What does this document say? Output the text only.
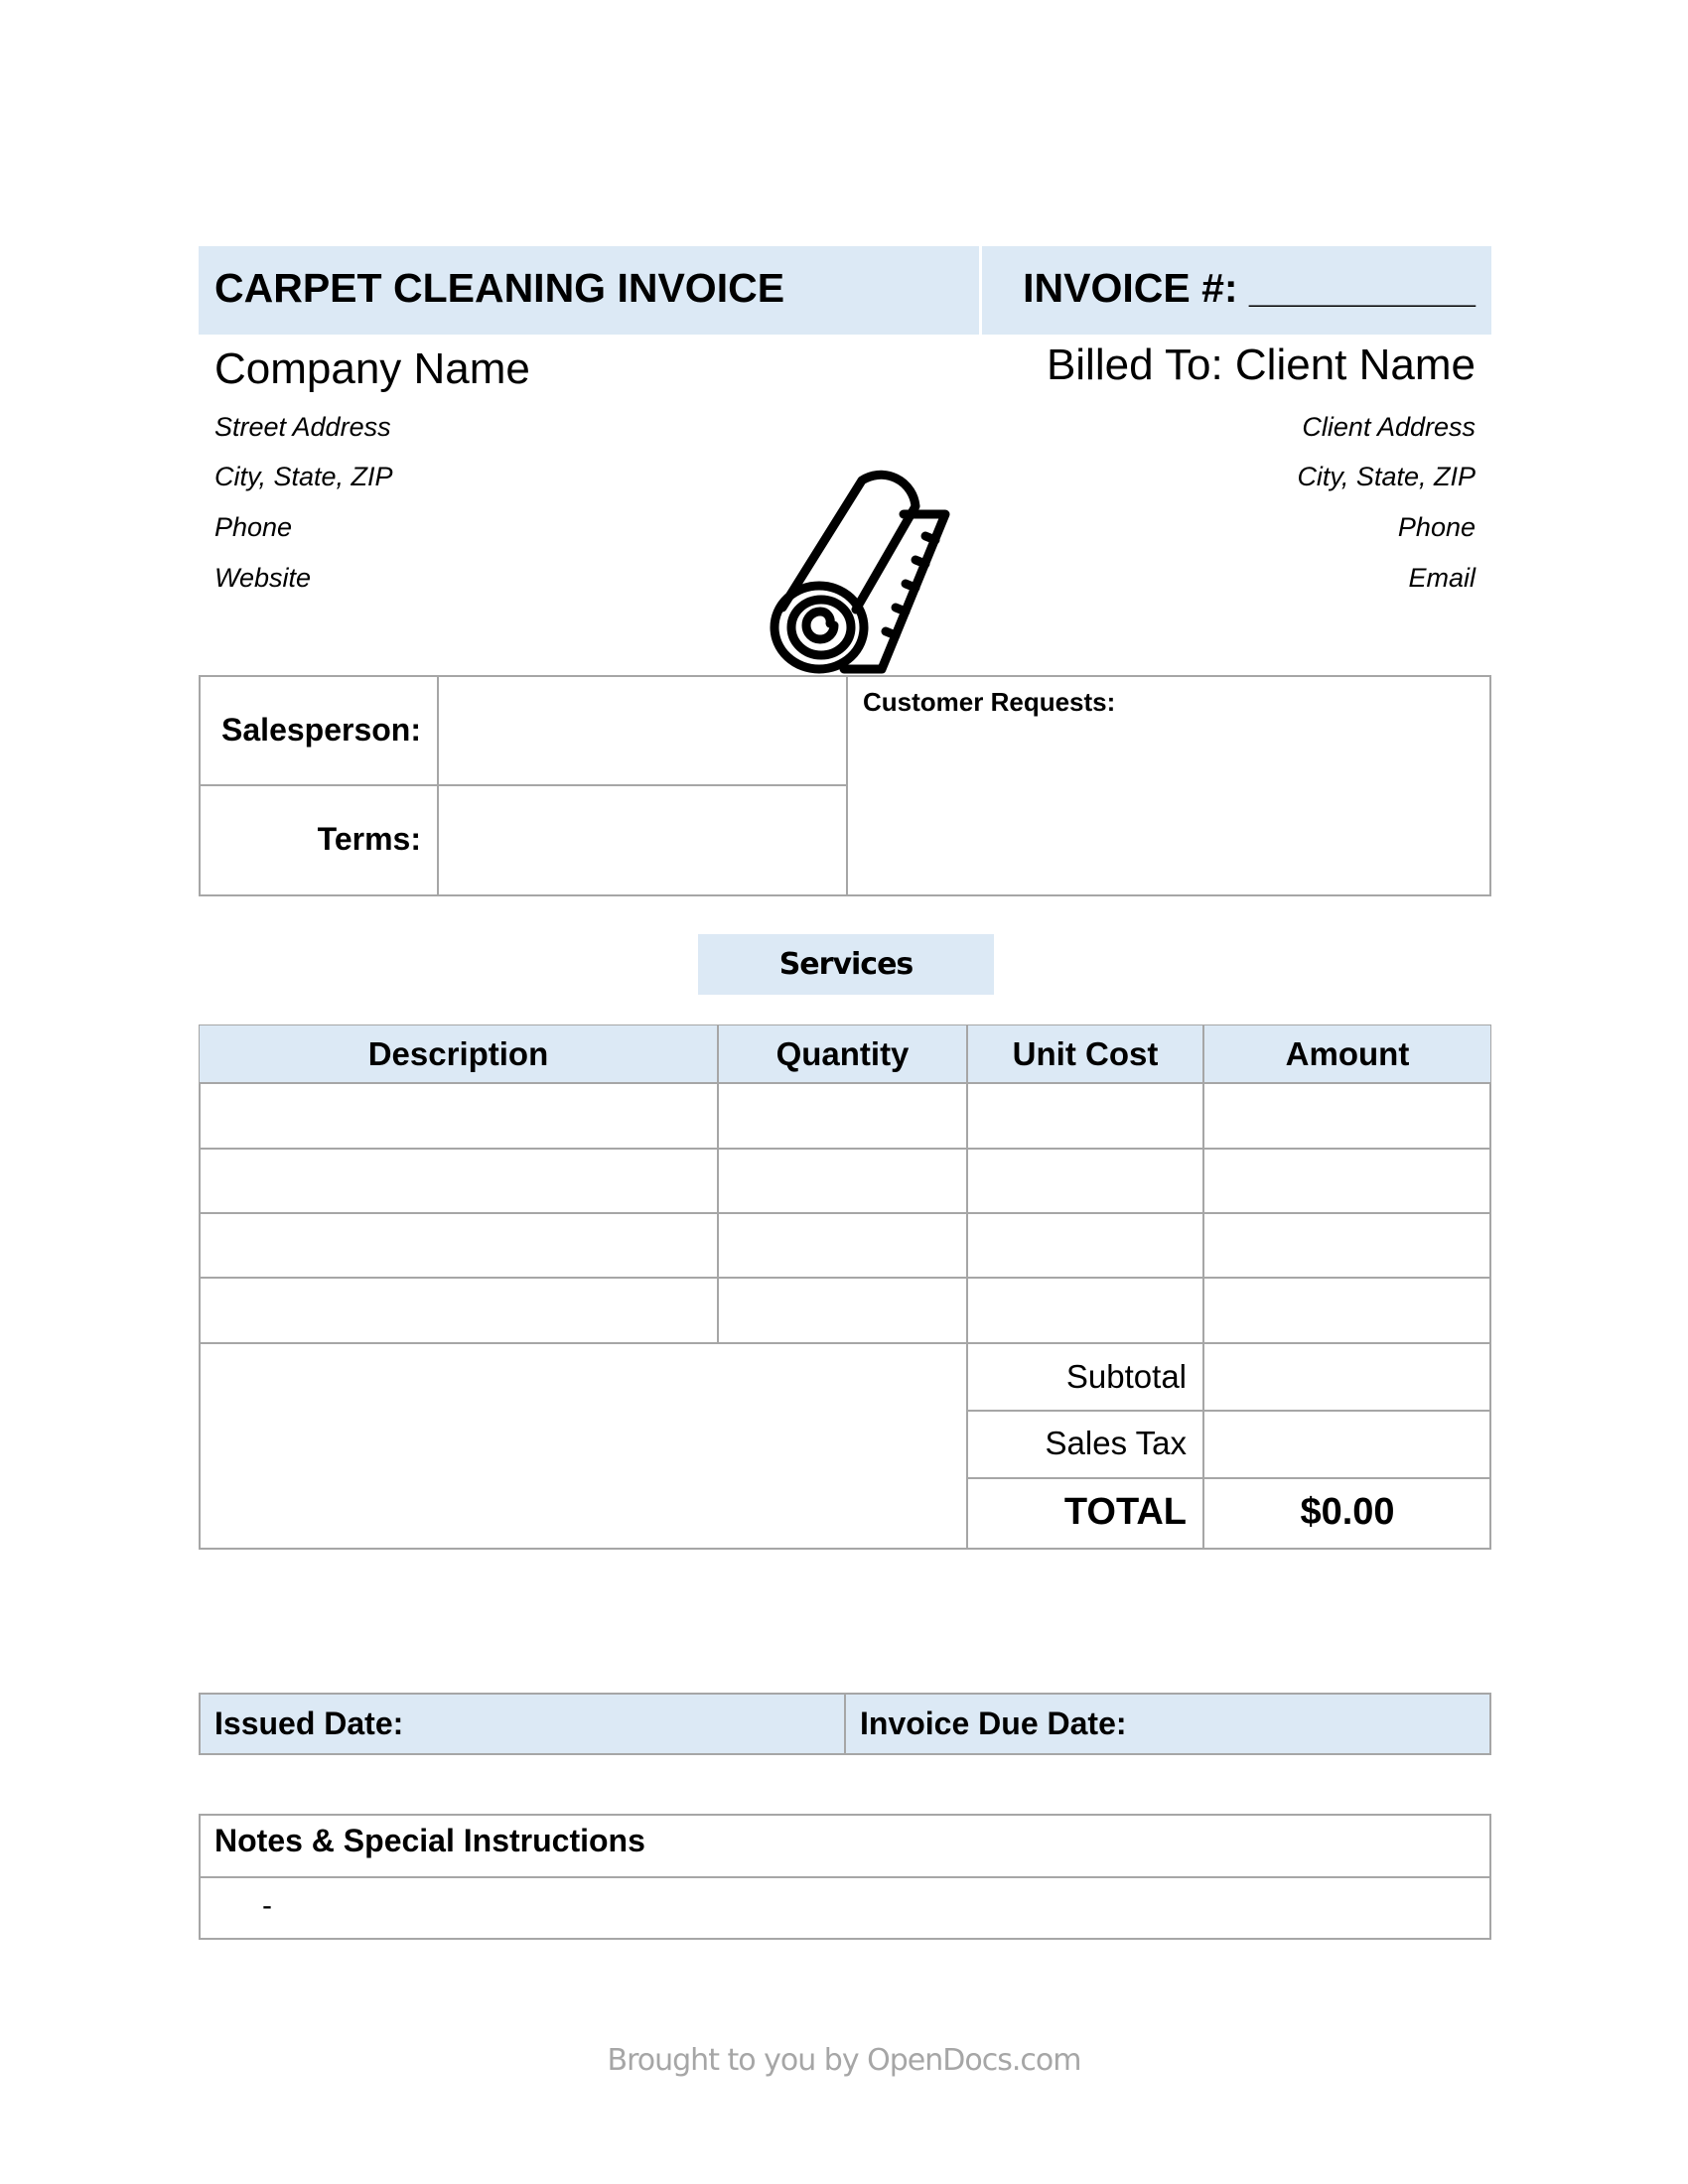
CARPET CLEANING INVOICE	INVOICE #: __________
Company Name	Billed To: Client Name
Street Address
City, State, ZIP
Phone
Website
Client Address
City, State, ZIP
Phone
Email
Salesperson:
Terms:
Customer Requests:
Services
Description	Quantity	Unit Cost	Amount
Subtotal
Sales Tax
TOTAL	$0.00
Issued Date:	Invoice Due Date:
Notes & Special Instructions
-
Brought to you by OpenDocs.com
